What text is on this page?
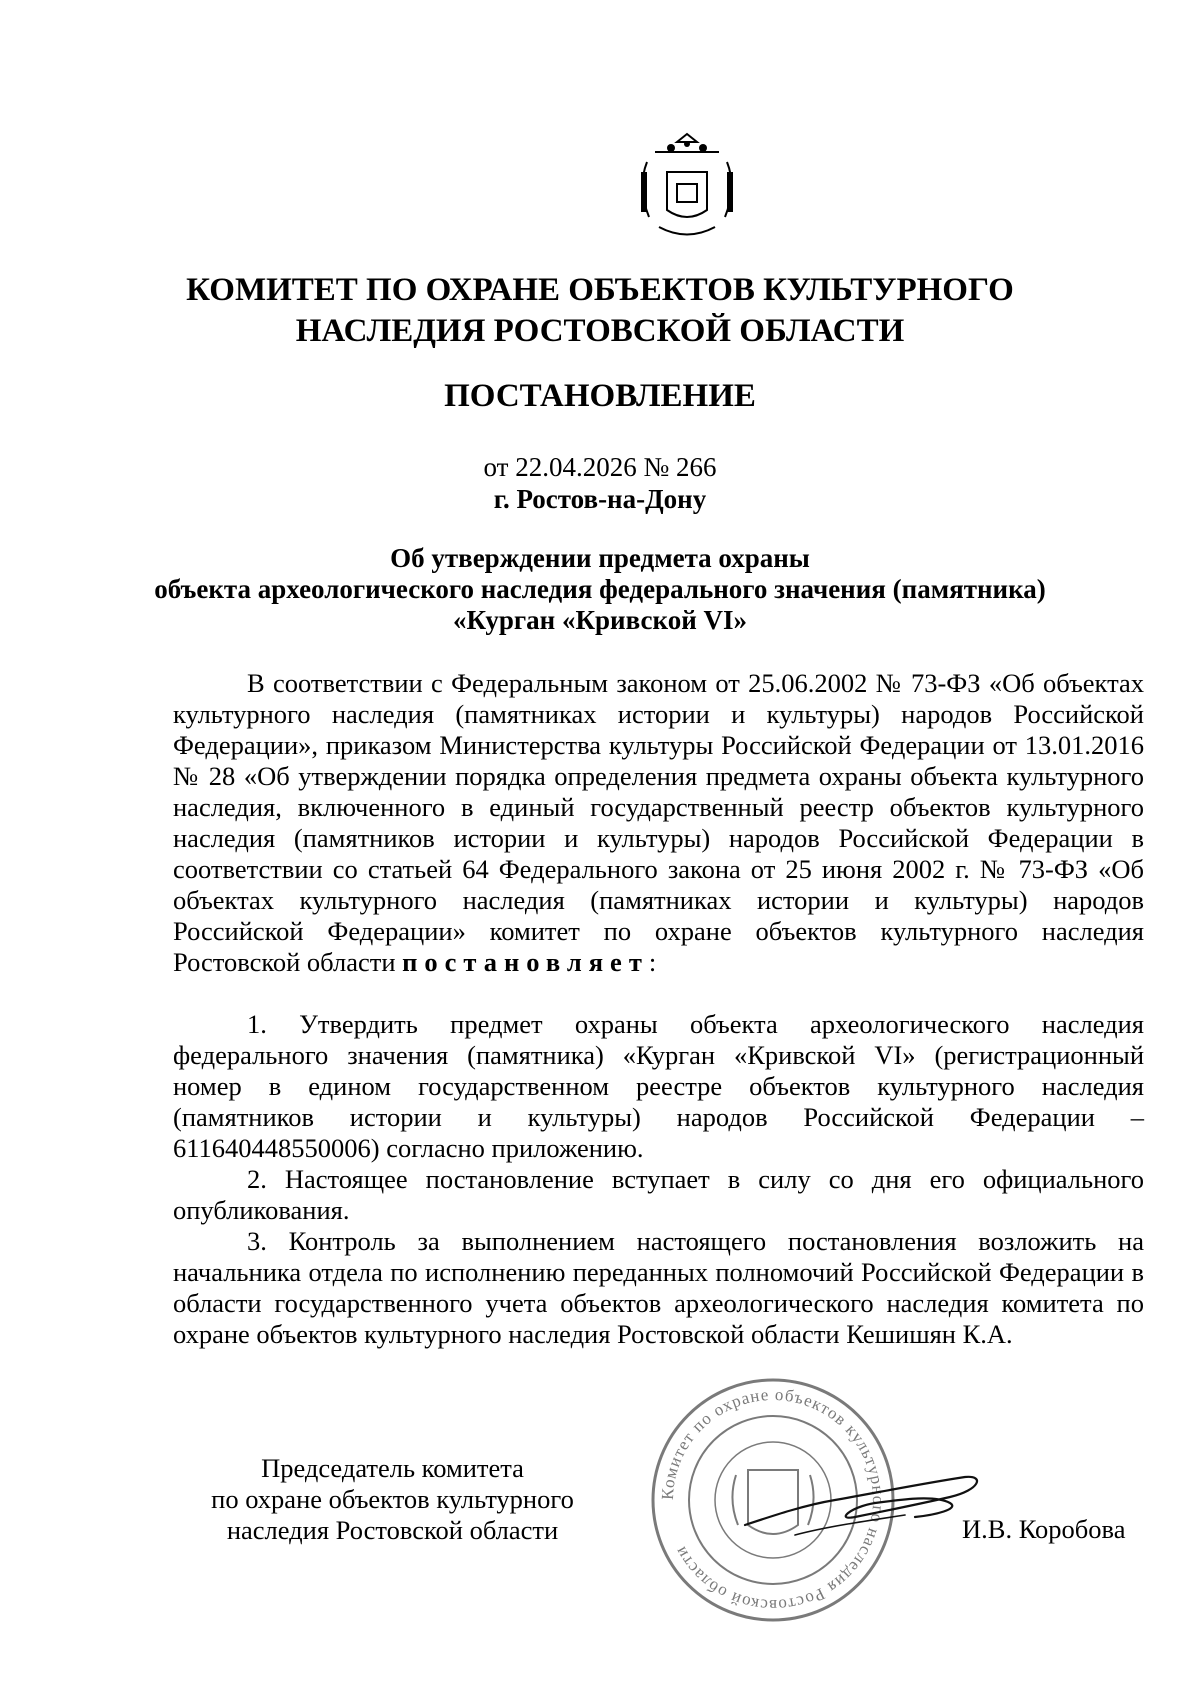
КОМИТЕТ ПО ОХРАНЕ ОБЪЕКТОВ КУЛЬТУРНОГО
НАСЛЕДИЯ РОСТОВСКОЙ ОБЛАСТИ
ПОСТАНОВЛЕНИЕ
от 22.04.2026 № 266
г. Ростов-на-Дону
Об утверждении предмета охраны
объекта археологического наследия федерального значения (памятника)
«Курган «Кривской VI»

В соответствии с Федеральным законом от 25.06.2002 № 73-ФЗ «Об объектах культурного наследия (памятниках истории и культуры) народов Российской Федерации», приказом Министерства культуры Российской Федерации от 13.01.2016 № 28 «Об утверждении порядка определения предмета охраны объекта культурного наследия, включенного в единый государственный реестр объектов культурного наследия (памятников истории и культуры) народов Российской Федерации в соответствии со статьей 64 Федерального закона от 25 июня 2002 г. № 73-ФЗ «Об объектах культурного наследия (памятниках истории и культуры) народов Российской Федерации» комитет по охране объектов культурного наследия Ростовской области постановляет:

1. Утвердить предмет охраны объекта археологического наследия федерального значения (памятника) «Курган «Кривской VI» (регистрационный номер в едином государственном реестре объектов культурного наследия (памятников истории и культуры) народов Российской Федерации – 611640448550006) согласно приложению.

2. Настоящее постановление вступает в силу со дня его официального опубликования.

3. Контроль за выполнением настоящего постановления возложить на начальника отдела по исполнению переданных полномочий Российской Федерации в области государственного учета объектов археологического наследия комитета по охране объектов культурного наследия Ростовской области Кешишян К.А.

Председатель комитета
по охране объектов культурного
наследия Ростовской области
Комитет по охране объектов культурного наследия Ростовской области
И.В. Коробова
